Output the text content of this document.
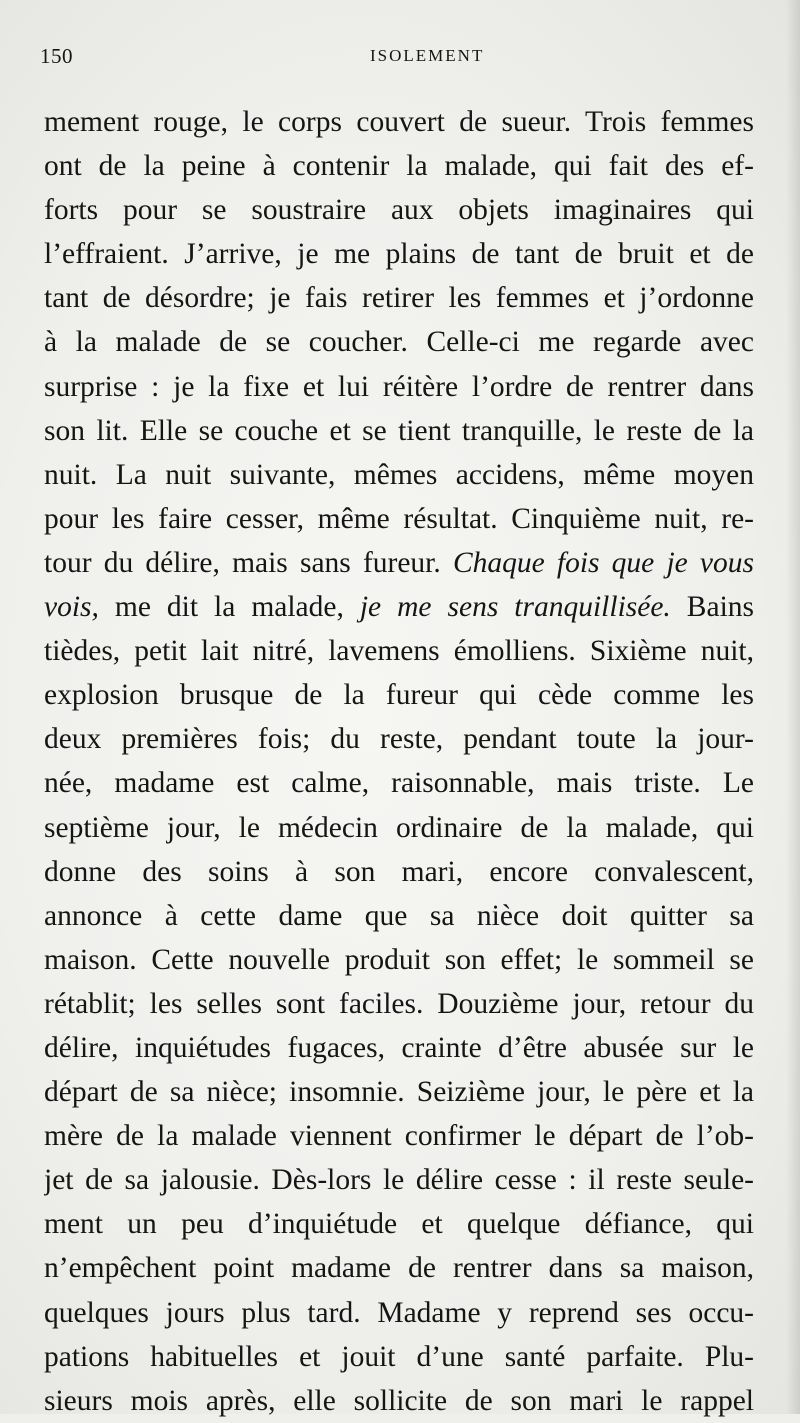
150	ISOLEMENT
mement rouge, le corps couvert de sueur. Trois femmes
ont de la peine à contenir la malade, qui fait des ef-
forts pour se soustraire aux objets imaginaires qui
l’effraient. J’arrive, je me plains de tant de bruit et de
tant de désordre; je fais retirer les femmes et j’ordonne
à la malade de se coucher. Celle-ci me regarde avec
surprise : je la fixe et lui réitère l’ordre de rentrer dans
son lit. Elle se couche et se tient tranquille, le reste de la
nuit. La nuit suivante, mêmes accidens, même moyen
pour les faire cesser, même résultat. Cinquième nuit, re-
tour du délire, mais sans fureur. Chaque fois que je vous
vois, me dit la malade, je me sens tranquillisée. Bains
tièdes, petit lait nitré, lavemens émolliens. Sixième nuit,
explosion brusque de la fureur qui cède comme les
deux premières fois; du reste, pendant toute la jour-
née, madame est calme, raisonnable, mais triste. Le
septième jour, le médecin ordinaire de la malade, qui
donne des soins à son mari, encore convalescent,
annonce à cette dame que sa nièce doit quitter sa
maison. Cette nouvelle produit son effet; le sommeil se
rétablit; les selles sont faciles. Douzième jour, retour du
délire, inquiétudes fugaces, crainte d’être abusée sur le
départ de sa nièce; insomnie. Seizième jour, le père et la
mère de la malade viennent confirmer le départ de l’ob-
jet de sa jalousie. Dès-lors le délire cesse : il reste seule-
ment un peu d’inquiétude et quelque défiance, qui
n’empêchent point madame de rentrer dans sa maison,
quelques jours plus tard. Madame y reprend ses occu-
pations habituelles et jouit d’une santé parfaite. Plu-
sieurs mois après, elle sollicite de son mari le rappel
